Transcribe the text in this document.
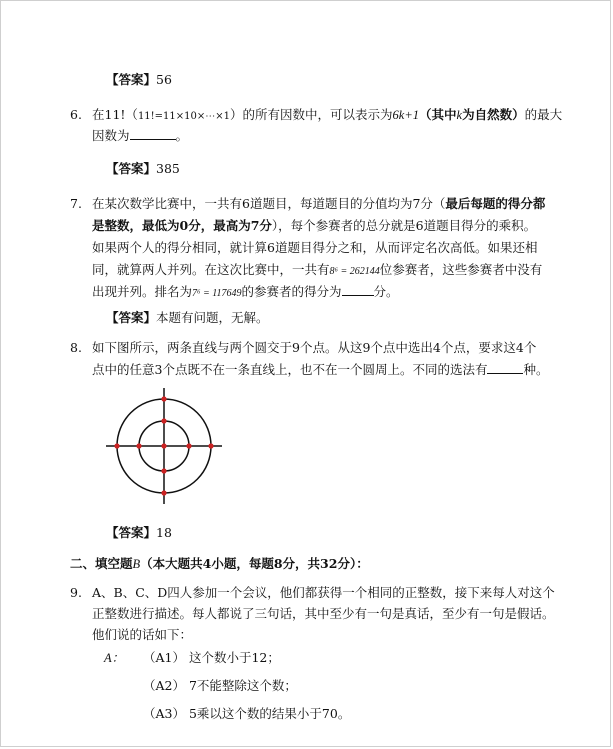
【答案】56
6. 在11!（11!=11×10×⋯×1）的所有因数中，可以表示为6k+1（其中k为自然数）的最大
因数为	。
【答案】385
7. 在某次数学比赛中，一共有6道题目，每道题目的分值均为7分（最后每题的得分都
是整数，最低为0分，最高为7分），每个参赛者的总分就是6道题目得分的乘积。
如果两个人的得分相同，就计算6道题目得分之和，从而评定名次高低。如果还相
同，就算两人并列。在这次比赛中，一共有8⁶ = 262144位参赛者，这些参赛者中没有
出现并列。排名为7⁶ = 117649的参赛者的得分为	分。
【答案】本题有问题，无解。
8. 如下图所示，两条直线与两个圆交于9个点。从这9个点中选出4个点，要求这4个
点中的任意3个点既不在一条直线上，也不在一个圆周上。不同的选法有	种。
【答案】18
二、填空题B（本大题共4小题，每题8分，共32分）：
9. A、B、C、D四人参加一个会议，他们都获得一个相同的正整数，接下来每人对这个
正整数进行描述。每人都说了三句话，其中至少有一句是真话，至少有一句是假话。
他们说的话如下：
A： （A1） 这个数小于12；
（A2） 7不能整除这个数；
（A3） 5乘以这个数的结果小于70。
